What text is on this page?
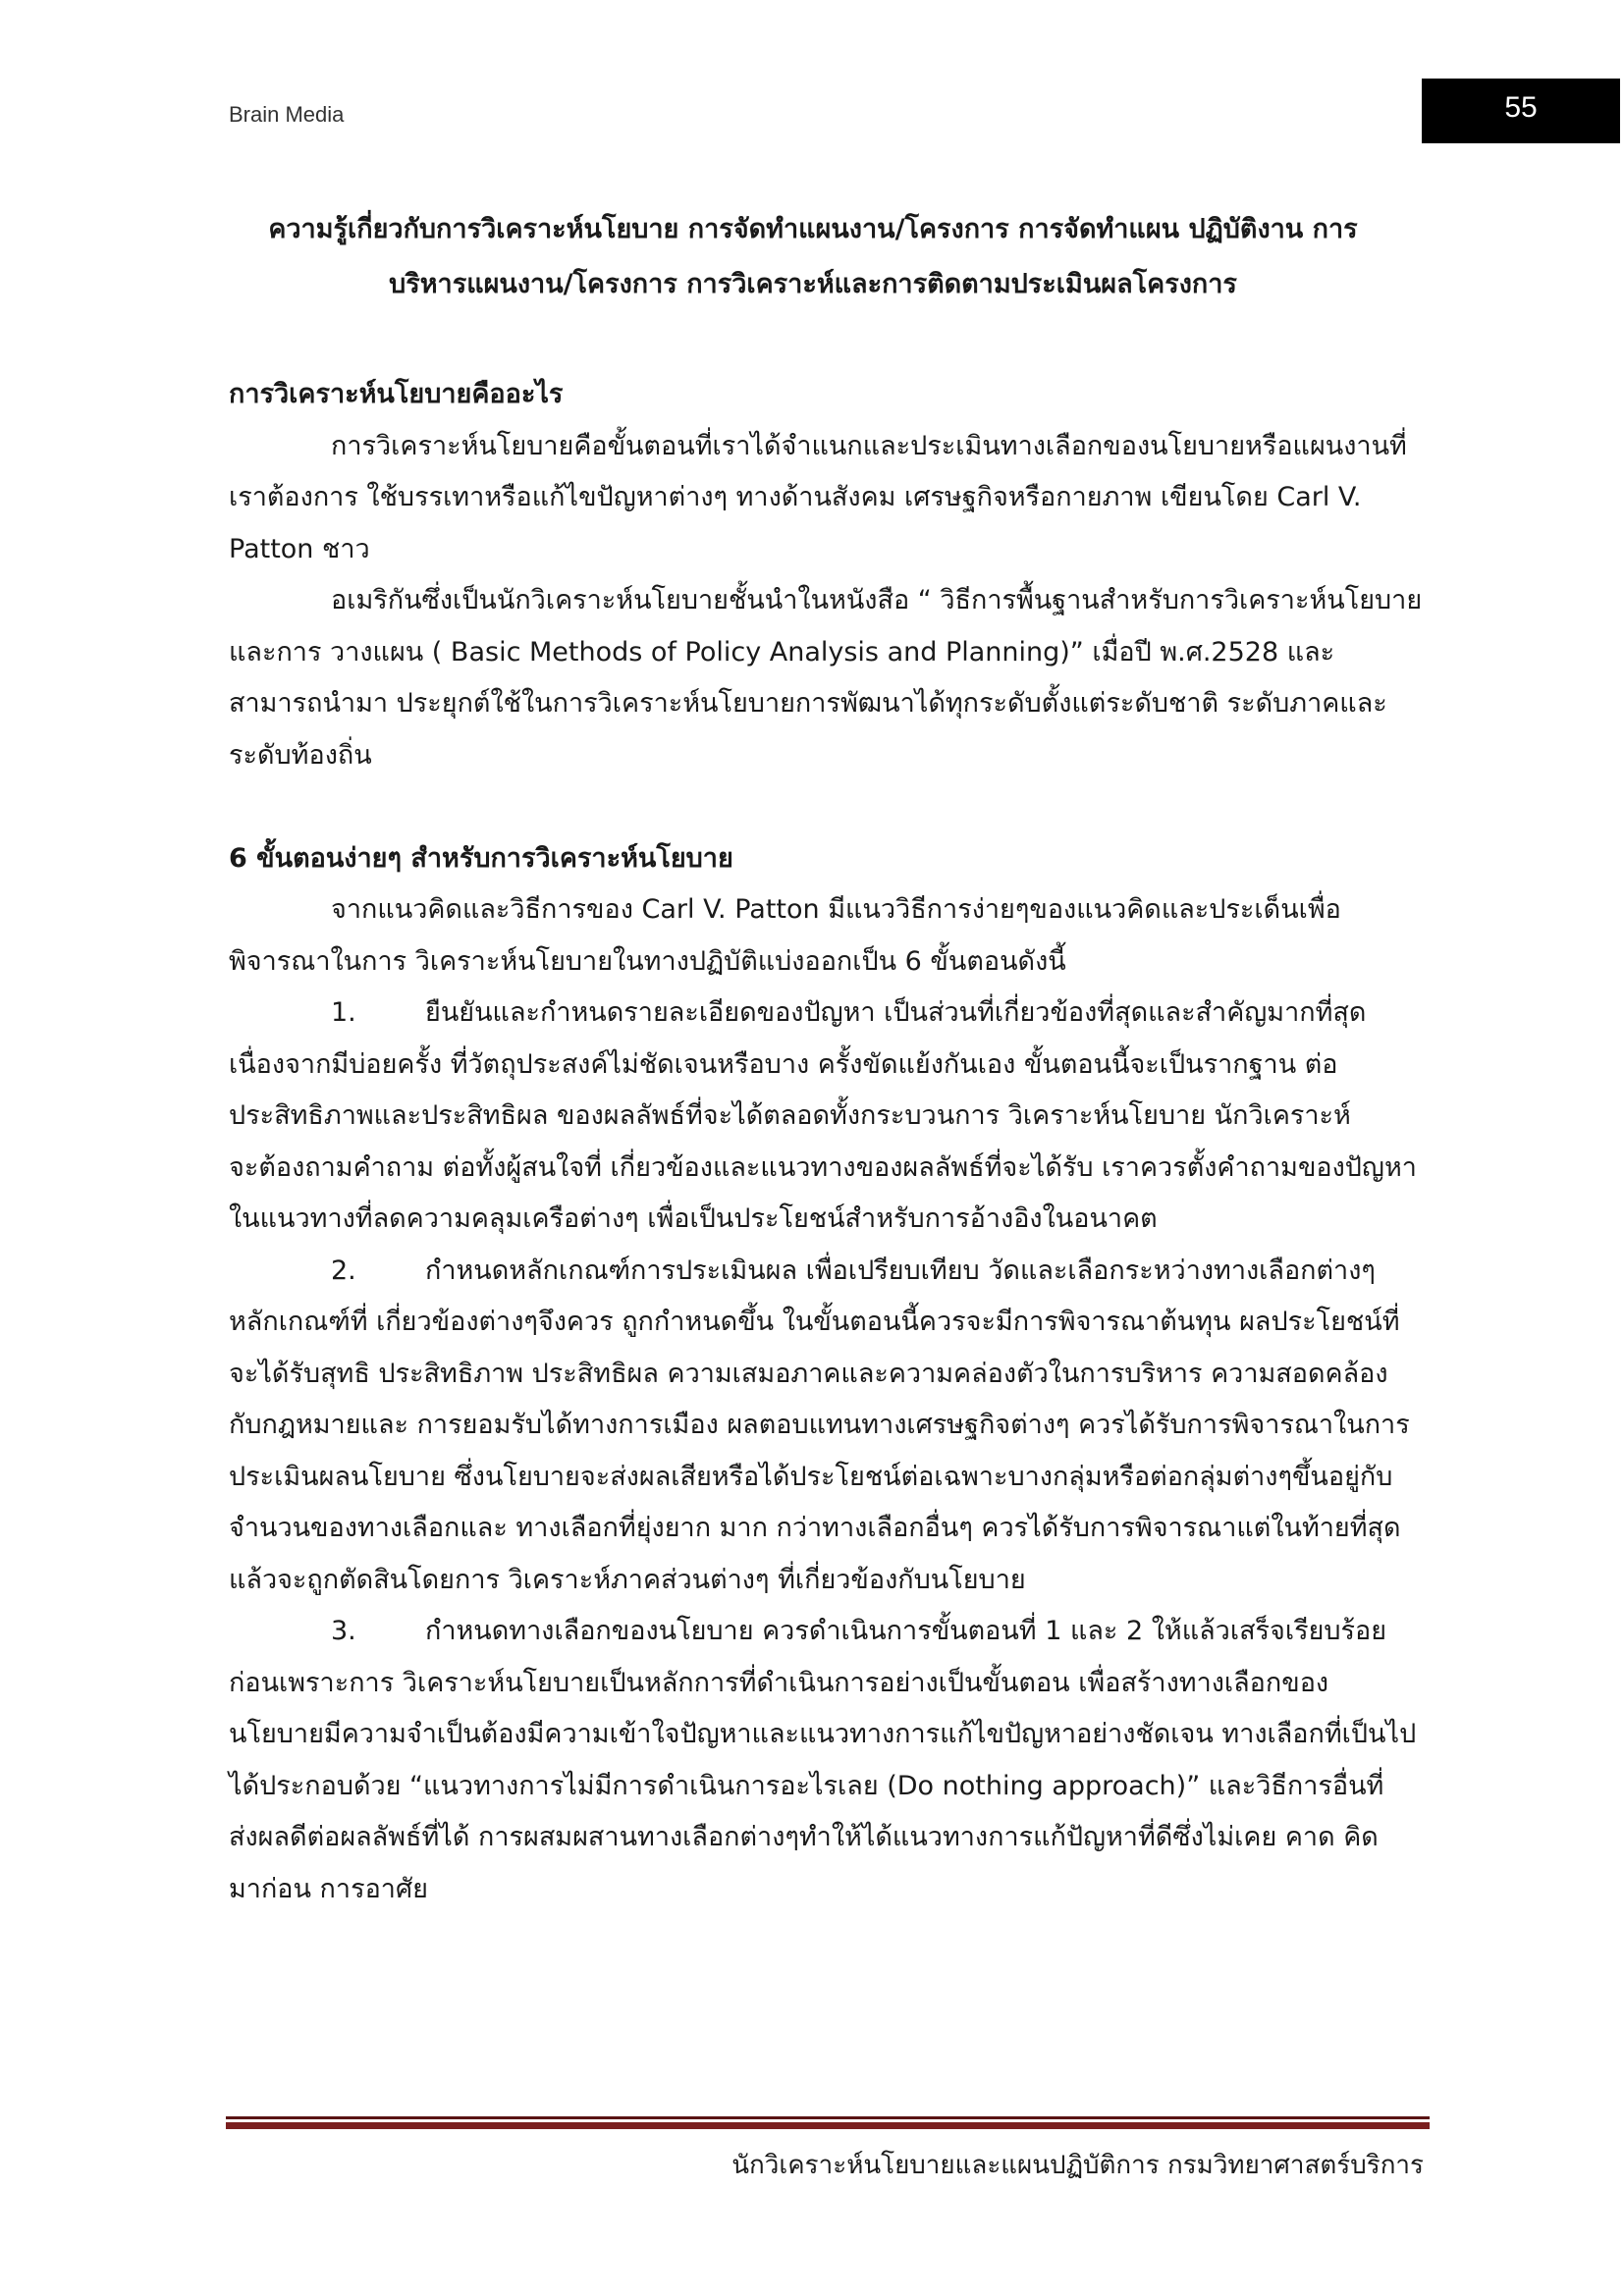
Brain Media	55
ความรู้เกี่ยวกับการวิเคราะห์นโยบาย การจัดทำแผนงาน/โครงการ การจัดทำแผน ปฏิบัติงาน การ
บริหารแผนงาน/โครงการ การวิเคราะห์และการติดตามประเมินผลโครงการ
การวิเคราะห์นโยบายคืออะไร
การวิเคราะห์นโยบายคือขั้นตอนที่เราได้จำแนกและประเมินทางเลือกของนโยบายหรือแผนงานที่
เราต้องการ ใช้บรรเทาหรือแก้ไขปัญหาต่างๆ ทางด้านสังคม เศรษฐกิจหรือกายภาพ เขียนโดย Carl V.
Patton ชาว
อเมริกันซึ่งเป็นนักวิเคราะห์นโยบายชั้นนำในหนังสือ “ วิธีการพื้นฐานสำหรับการวิเคราะห์นโยบาย
และการ วางแผน ( Basic Methods of Policy Analysis and Planning)” เมื่อปี พ.ศ.2528 และ
สามารถนำมา ประยุกต์ใช้ในการวิเคราะห์นโยบายการพัฒนาได้ทุกระดับตั้งแต่ระดับชาติ ระดับภาคและ
ระดับท้องถิ่น
6 ขั้นตอนง่ายๆ สำหรับการวิเคราะห์นโยบาย
จากแนวคิดและวิธีการของ Carl V. Patton มีแนววิธีการง่ายๆของแนวคิดและประเด็นเพื่อ
พิจารณาในการ วิเคราะห์นโยบายในทางปฏิบัติแบ่งออกเป็น 6 ขั้นตอนดังนี้
1.	ยืนยันและกำหนดรายละเอียดของปัญหา เป็นส่วนที่เกี่ยวข้องที่สุดและสำคัญมากที่สุด
เนื่องจากมีบ่อยครั้ง ที่วัตถุประสงค์ไม่ชัดเจนหรือบาง ครั้งขัดแย้งกันเอง ขั้นตอนนี้จะเป็นรากฐาน ต่อ
ประสิทธิภาพและประสิทธิผล ของผลลัพธ์ที่จะได้ตลอดทั้งกระบวนการ วิเคราะห์นโยบาย นักวิเคราะห์
จะต้องถามคำถาม ต่อทั้งผู้สนใจที่ เกี่ยวข้องและแนวทางของผลลัพธ์ที่จะได้รับ เราควรตั้งคำถามของปัญหา
ในแนวทางที่ลดความคลุมเครือต่างๆ เพื่อเป็นประโยชน์สำหรับการอ้างอิงในอนาคต
2.	กำหนดหลักเกณฑ์การประเมินผล เพื่อเปรียบเทียบ วัดและเลือกระหว่างทางเลือกต่างๆ
หลักเกณฑ์ที่ เกี่ยวข้องต่างๆจึงควร ถูกกำหนดขึ้น ในขั้นตอนนี้ควรจะมีการพิจารณาต้นทุน ผลประโยชน์ที่
จะได้รับสุทธิ ประสิทธิภาพ ประสิทธิผล ความเสมอภาคและความคล่องตัวในการบริหาร ความสอดคล้อง
กับกฎหมายและ การยอมรับได้ทางการเมือง ผลตอบแทนทางเศรษฐกิจต่างๆ ควรได้รับการพิจารณาในการ
ประเมินผลนโยบาย ซึ่งนโยบายจะส่งผลเสียหรือได้ประโยชน์ต่อเฉพาะบางกลุ่มหรือต่อกลุ่มต่างๆขึ้นอยู่กับ
จำนวนของทางเลือกและ ทางเลือกที่ยุ่งยาก มาก กว่าทางเลือกอื่นๆ ควรได้รับการพิจารณาแต่ในท้ายที่สุด
แล้วจะถูกตัดสินโดยการ วิเคราะห์ภาคส่วนต่างๆ ที่เกี่ยวข้องกับนโยบาย
3.	กำหนดทางเลือกของนโยบาย ควรดำเนินการขั้นตอนที่ 1 และ 2 ให้แล้วเสร็จเรียบร้อย
ก่อนเพราะการ วิเคราะห์นโยบายเป็นหลักการที่ดำเนินการอย่างเป็นขั้นตอน เพื่อสร้างทางเลือกของ
นโยบายมีความจำเป็นต้องมีความเข้าใจปัญหาและแนวทางการแก้ไขปัญหาอย่างชัดเจน ทางเลือกที่เป็นไป
ได้ประกอบด้วย “แนวทางการไม่มีการดำเนินการอะไรเลย (Do nothing approach)” และวิธีการอื่นที่
ส่งผลดีต่อผลลัพธ์ที่ได้ การผสมผสานทางเลือกต่างๆทำให้ได้แนวทางการแก้ปัญหาที่ดีซึ่งไม่เคย คาด คิด
มาก่อน การอาศัย
นักวิเคราะห์นโยบายและแผนปฏิบัติการ กรมวิทยาศาสตร์บริการ
